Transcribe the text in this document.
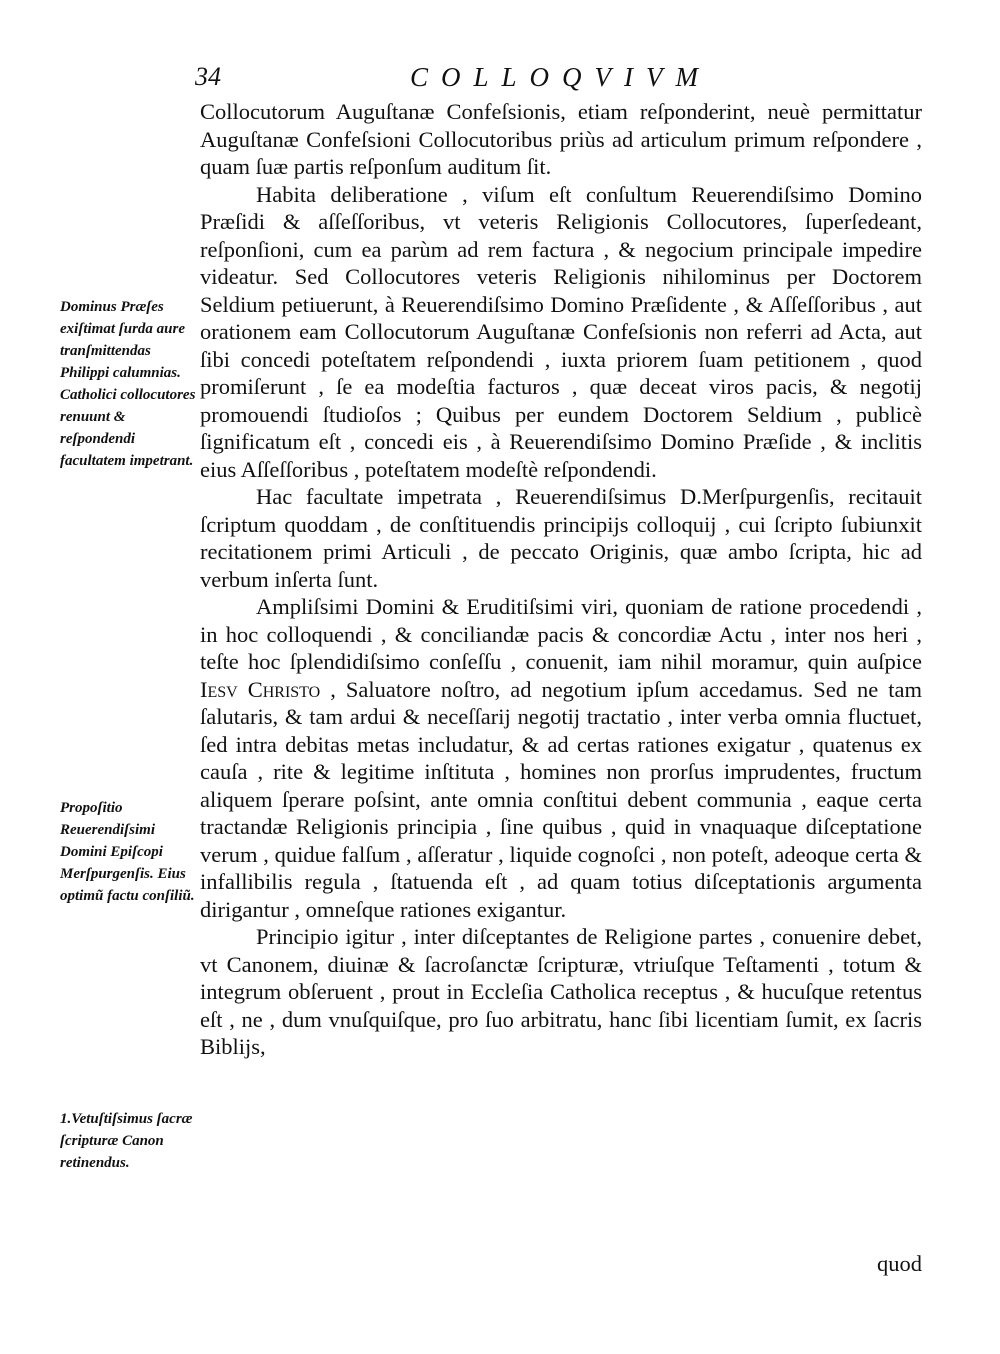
34	COLLOQVIVM

Collocutorum Auguſtanæ Confeſsionis, etiam reſponderint, neuè permittatur Auguſtanæ Confeſsioni Collocutoribus priùs ad articulum primum reſpondere , quam ſuæ partis reſponſum auditum ſit.

Habita deliberatione , viſum eſt conſultum Reuerendiſsimo Domino Præſidi & aſſeſſoribus, vt veteris Religionis Collocutores, ſuperſedeant, reſponſioni, cum ea parùm ad rem factura , & negocium principale impedire videatur. Sed Collocutores veteris Religionis nihilominus per Doctorem Seldium petiuerunt, à Reuerendiſsimo Domino Præſidente , & Aſſeſſoribus , aut orationem eam Collocutorum Auguſtanæ Confeſsionis non referri ad Acta, aut ſibi concedi poteſtatem reſpondendi , iuxta priorem ſuam petitionem , quod promiſerunt , ſe ea modeſtia facturos , quæ deceat viros pacis, & negotij promouendi ſtudioſos ; Quibus per eundem Doctorem Seldium , publicè ſignificatum eſt , concedi eis , à Reuerendiſsimo Domino Præſide , & inclitis eius Aſſeſſoribus , poteſtatem modeſtè reſpondendi.

Hac facultate impetrata , Reuerendiſsimus D.Merſpurgenſis, recitauit ſcriptum quoddam , de conſtituendis principijs colloquij , cui ſcripto ſubiunxit recitationem primi Articuli , de peccato Originis, quæ ambo ſcripta, hic ad verbum inſerta ſunt.

Ampliſsimi Domini & Eruditiſsimi viri, quoniam de ratione procedendi , in hoc colloquendi , & conciliandæ pacis & concordiæ Actu , inter nos heri , teſte hoc ſplendidiſsimo conſeſſu , conuenit, iam nihil moramur, quin auſpice Iesv Christo , Saluatore noſtro, ad negotium ipſum accedamus. Sed ne tam ſalutaris, & tam ardui & neceſſarij negotij tractatio , inter verba omnia fluctuet, ſed intra debitas metas includatur, & ad certas rationes exigatur , quatenus ex cauſa , rite & legitime inſtituta , homines non prorſus imprudentes, fructum aliquem ſperare poſsint, ante omnia conſtitui debent communia , eaque certa tractandæ Religionis principia , ſine quibus , quid in vnaquaque diſceptatione verum , quidue falſum , aſſeratur , liquide cognoſci , non poteſt, adeoque certa & infallibilis regula , ſtatuenda eſt , ad quam totius diſceptationis argumenta dirigantur , omneſque rationes exigantur.

Principio igitur , inter diſceptantes de Religione partes , conuenire debet, vt Canonem, diuinæ & ſacroſanctæ ſcripturæ, vtriuſque Teſtamenti , totum & integrum obſeruent , prout in Eccleſia Catholica receptus , & hucuſque retentus eſt , ne , dum vnuſquiſque, pro ſuo arbitratu, hanc ſibi licentiam ſumit, ex ſacris Biblijs,

quod
Dominus Præſes exiſtimat ſurda aure tranſmittendas Philippi calumnias. Catholici collocutores renuunt & reſpondendi facultatem impetrant.
Propoſitio Reuerendiſsimi Domini Epiſcopi Merſpurgenſis. Eius optimũ factu conſiliũ.
1.Vetuſtiſsimus ſacræ ſcripturæ Canon retinendus.
